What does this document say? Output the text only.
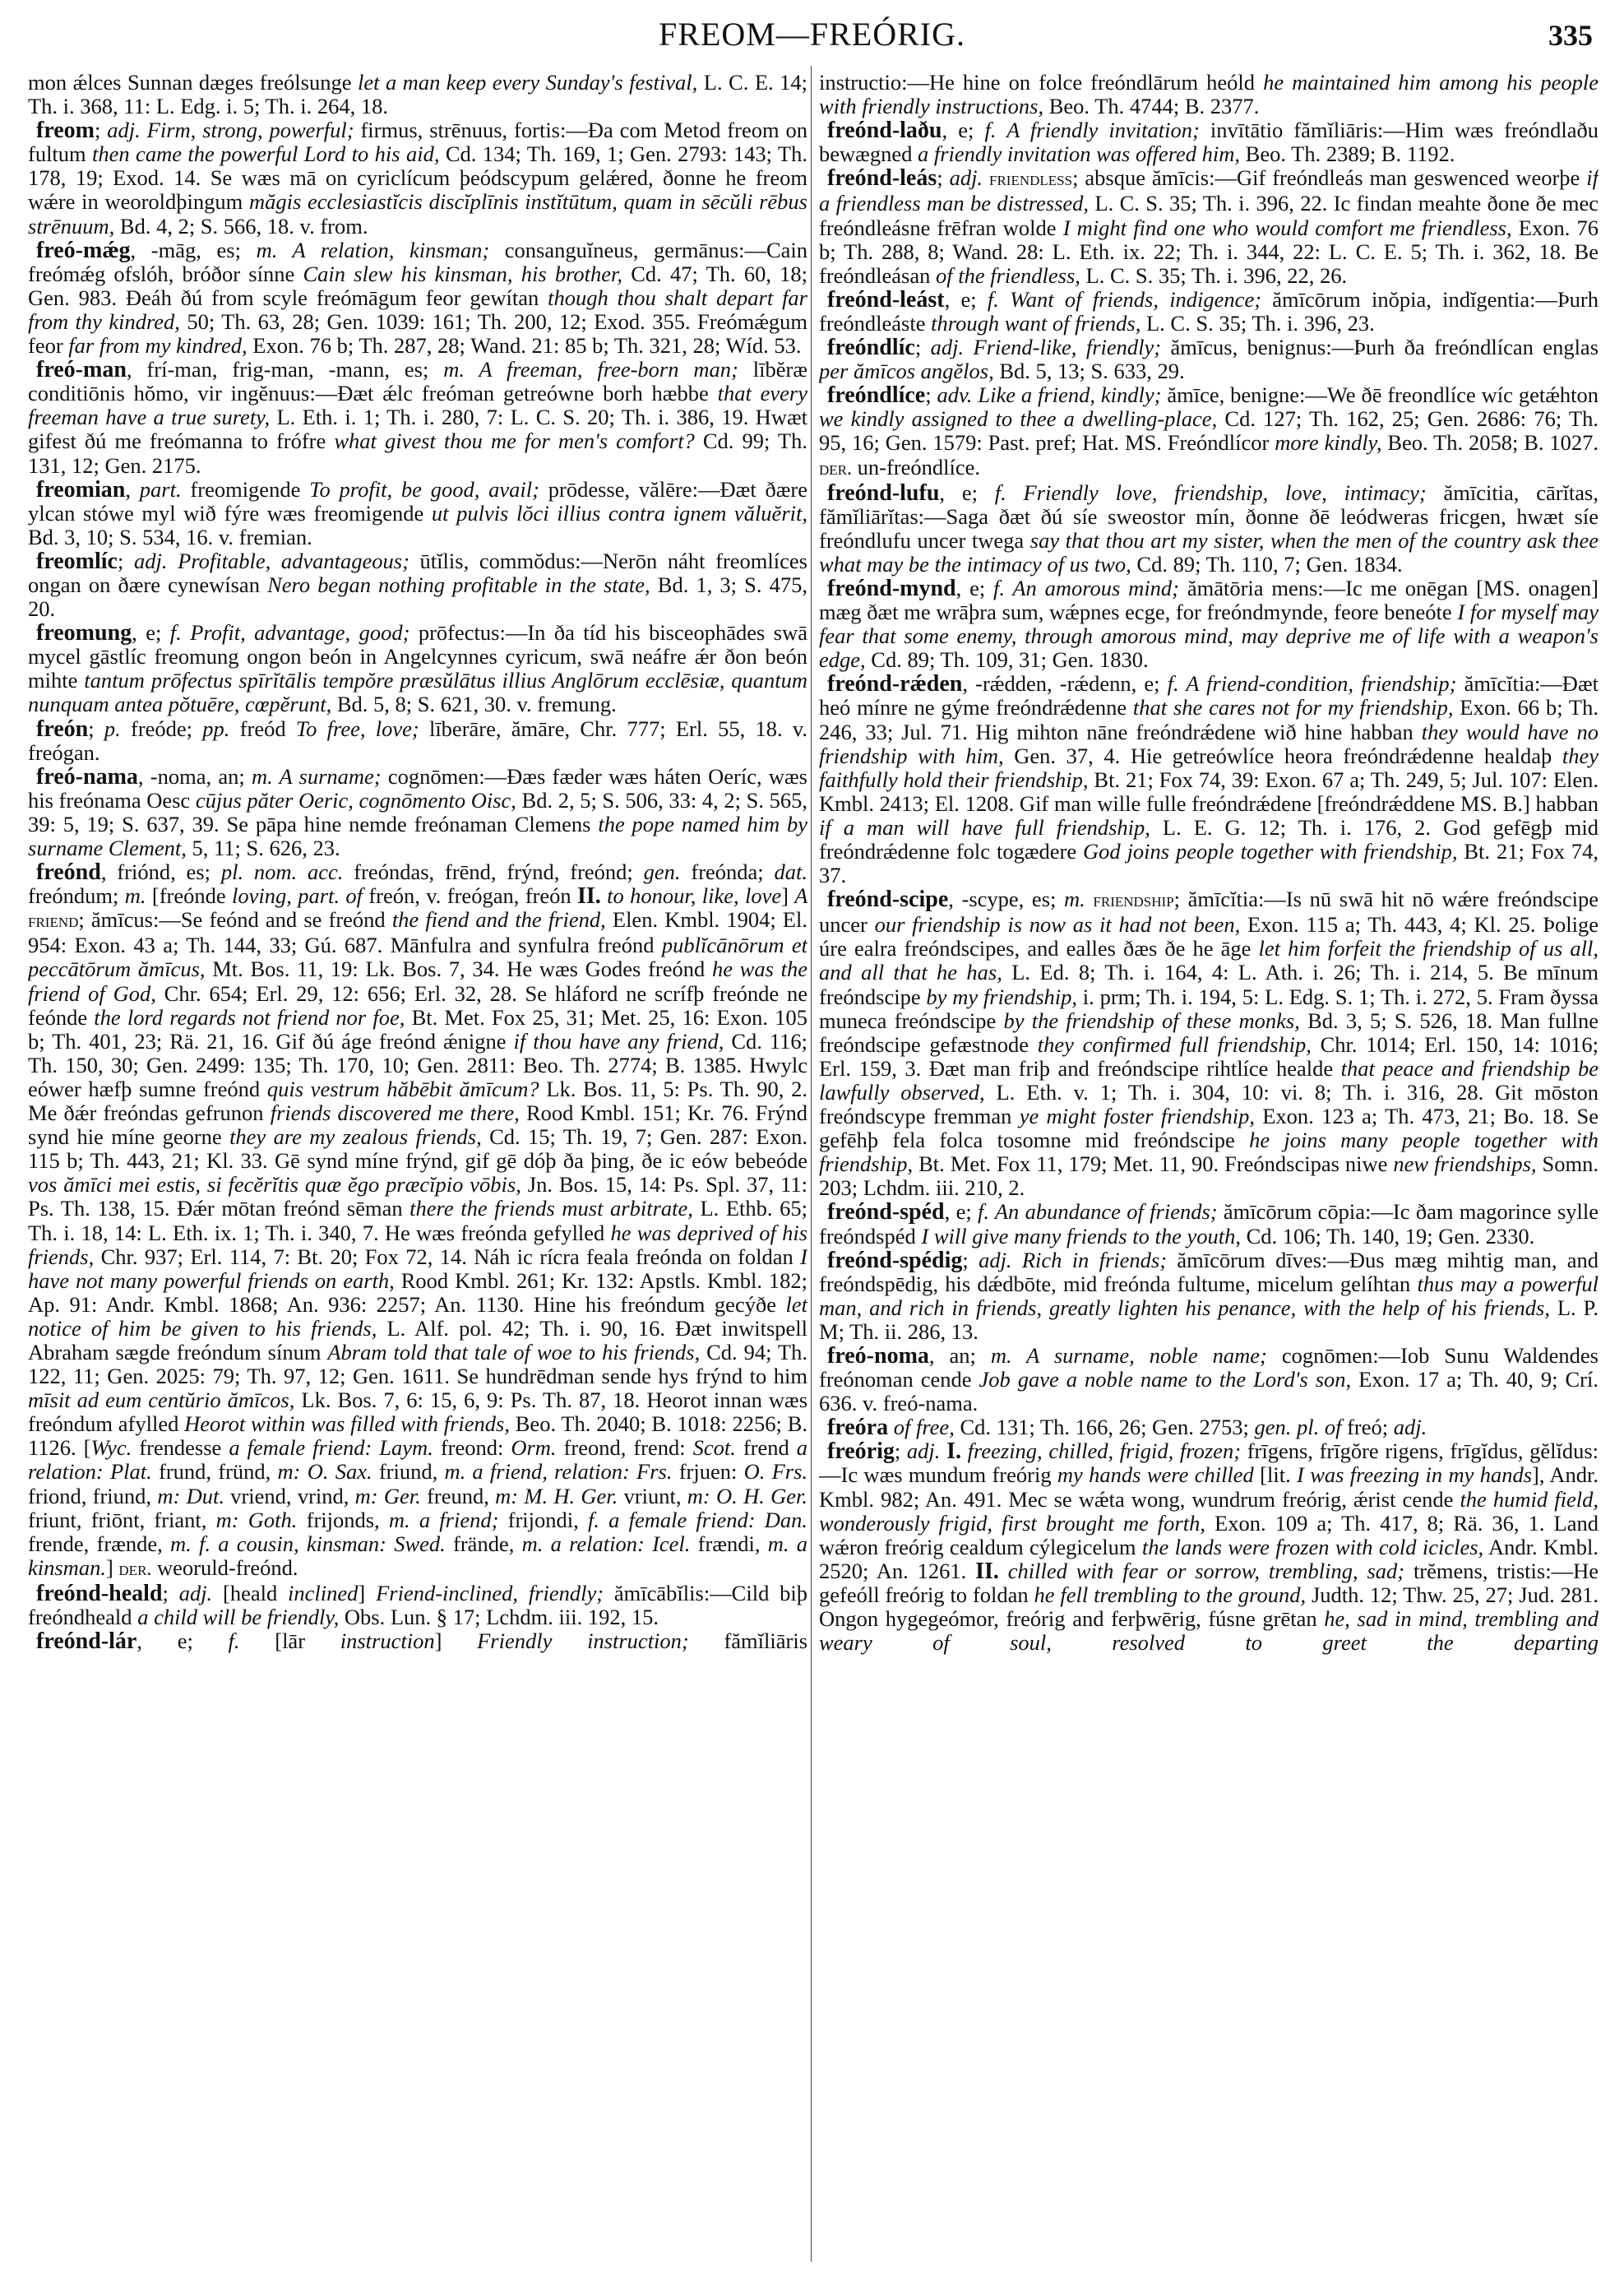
FREOM—FREÓRIG.	335

mon ǽlces Sunnan dæges freólsunge let a man keep every Sunday's festival, L. C. E. 14; Th. i. 368, 11: L. Edg. i. 5; Th. i. 264, 18.

freom; adj. Firm, strong, powerful; firmus, strēnuus, fortis:—Ða com Metod freom on fultum then came the powerful Lord to his aid, Cd. 134; Th. 169, 1; Gen. 2793: 143; Th. 178, 19; Exod. 14. Se wæs mā on cyriclícum þeódscypum gelǽred, ðonne he freom wǽre in weoroldþingum măgis ecclesiastĭcis discĭplīnis instĭtūtum, quam in sēcŭli rēbus strēnuum, Bd. 4, 2; S. 566, 18. v. from.

freó-mǽg, -māg, es; m. A relation, kinsman; consanguĭneus, germānus:—Cain freómǽg ofslóh, bróðor sínne Cain slew his kinsman, his brother, Cd. 47; Th. 60, 18; Gen. 983. Ðeáh ðú from scyle freómāgum feor gewítan though thou shalt depart far from thy kindred, 50; Th. 63, 28; Gen. 1039: 161; Th. 200, 12; Exod. 355. Freómǽgum feor far from my kindred, Exon. 76 b; Th. 287, 28; Wand. 21: 85 b; Th. 321, 28; Wíd. 53.

freó-man, frí-man, frig-man, -mann, es; m. A freeman, free-born man; lībĕræ conditiōnis hŏmo, vir ingĕnuus:—Ðæt ǽlc freóman getreówne borh hæbbe that every freeman have a true surety, L. Eth. i. 1; Th. i. 280, 7: L. C. S. 20; Th. i. 386, 19. Hwæt gifest ðú me freómanna to frófre what givest thou me for men's comfort? Cd. 99; Th. 131, 12; Gen. 2175.

freomian, part. freomigende To profit, be good, avail; prōdesse, vălēre:—Ðæt ðære ylcan stówe myl wið fýre wæs freomigende ut pulvis lŏci illius contra ignem văluĕrit, Bd. 3, 10; S. 534, 16. v. fremian.

freomlíc; adj. Profitable, advantageous; ūtĭlis, commŏdus:—Nerōn náht freomlíces ongan on ðære cynewísan Nero began nothing profitable in the state, Bd. 1, 3; S. 475, 20.

freomung, e; f. Profit, advantage, good; prōfectus:—In ða tíd his bisceophādes swā mycel gāstlíc freomung ongon beón in Angelcynnes cyricum, swā neáfre ǽr ðon beón mihte tantum prōfectus spīrĭtālis tempŏre præsŭlātus illius Anglōrum ecclēsiæ, quantum nunquam antea pŏtuēre, cœpĕrunt, Bd. 5, 8; S. 621, 30. v. fremung.

freón; p. freóde; pp. freód To free, love; līberāre, ămāre, Chr. 777; Erl. 55, 18. v. freógan.

freó-nama, -noma, an; m. A surname; cognōmen:—Ðæs fæder wæs háten Oeríc, wæs his freónama Oesc cūjus păter Oeric, cognōmento Oisc, Bd. 2, 5; S. 506, 33: 4, 2; S. 565, 39: 5, 19; S. 637, 39. Se pāpa hine nemde freónaman Clemens the pope named him by surname Clement, 5, 11; S. 626, 23.

freónd, friónd, es; pl. nom. acc. freóndas, frēnd, frýnd, freónd; gen. freónda; dat. freóndum; m. [freónde loving, part. of freón, v. freógan, freón II. to honour, like, love] A friend; ămīcus:—Se feónd and se freónd the fiend and the friend, Elen. Kmbl. 1904; El. 954: Exon. 43 a; Th. 144, 33; Gú. 687. Mānfulra and synfulra freónd publĭcānōrum et peccātōrum ămīcus, Mt. Bos. 11, 19: Lk. Bos. 7, 34. He wæs Godes freónd he was the friend of God, Chr. 654; Erl. 29, 12: 656; Erl. 32, 28. Se hláford ne scrífþ freónde ne feónde the lord regards not friend nor foe, Bt. Met. Fox 25, 31; Met. 25, 16: Exon. 105 b; Th. 401, 23; Rä. 21, 16. Gif ðú áge freónd ǽnigne if thou have any friend, Cd. 116; Th. 150, 30; Gen. 2499: 135; Th. 170, 10; Gen. 2811: Beo. Th. 2774; B. 1385. Hwylc eówer hæfþ sumne freónd quis vestrum hăbēbit ămīcum? Lk. Bos. 11, 5: Ps. Th. 90, 2. Me ðǽr freóndas gefrunon friends discovered me there, Rood Kmbl. 151; Kr. 76. Frýnd synd hie míne georne they are my zealous friends, Cd. 15; Th. 19, 7; Gen. 287: Exon. 115 b; Th. 443, 21; Kl. 33. Gē synd míne frýnd, gif gē dóþ ða þing, ðe ic eów bebeóde vos ămīci mei estis, si fecĕrĭtis quæ ĕgo præcĭpio vōbis, Jn. Bos. 15, 14: Ps. Spl. 37, 11: Ps. Th. 138, 15. Ðǽr mōtan freónd sēman there the friends must arbitrate, L. Ethb. 65; Th. i. 18, 14: L. Eth. ix. 1; Th. i. 340, 7. He wæs freónda gefylled he was deprived of his friends, Chr. 937; Erl. 114, 7: Bt. 20; Fox 72, 14. Náh ic rícra feala freónda on foldan I have not many powerful friends on earth, Rood Kmbl. 261; Kr. 132: Apstls. Kmbl. 182; Ap. 91: Andr. Kmbl. 1868; An. 936: 2257; An. 1130. Hine his freóndum gecýðe let notice of him be given to his friends, L. Alf. pol. 42; Th. i. 90, 16. Ðæt inwitspell Abraham sægde freóndum sínum Abram told that tale of woe to his friends, Cd. 94; Th. 122, 11; Gen. 2025: 79; Th. 97, 12; Gen. 1611. Se hundrēdman sende hys frýnd to him mīsit ad eum centŭrio ămīcos, Lk. Bos. 7, 6: 15, 6, 9: Ps. Th. 87, 18. Heorot innan wæs freóndum afylled Heorot within was filled with friends, Beo. Th. 2040; B. 1018: 2256; B. 1126. [Wyc. frendesse a female friend: Laym. freond: Orm. freond, frend: Scot. frend a relation: Plat. frund, fründ, m: O. Sax. friund, m. a friend, relation: Frs. frjuen: O. Frs. friond, friund, m: Dut. vriend, vrind, m: Ger. freund, m: M. H. Ger. vriunt, m: O. H. Ger. friunt, friōnt, friant, m: Goth. frijonds, m. a friend; frijondi, f. a female friend: Dan. frende, frænde, m. f. a cousin, kinsman: Swed. frände, m. a relation: Icel. frændi, m. a kinsman.] der. weoruld-freónd.

freónd-heald; adj. [heald inclined] Friend-inclined, friendly; ămīcābĭlis:—Cild biþ freóndheald a child will be friendly, Obs. Lun. § 17; Lchdm. iii. 192, 15.

freónd-lár, e; f. [lār instruction] Friendly instruction; fămĭliāris

instructio:—He hine on folce freóndlārum heóld he maintained him among his people with friendly instructions, Beo. Th. 4744; B. 2377.

freónd-laðu, e; f. A friendly invitation; invītātio fămĭliāris:—Him wæs freóndlaðu bewægned a friendly invitation was offered him, Beo. Th. 2389; B. 1192.

freónd-leás; adj. friendless; absque ămīcis:—Gif freóndleás man geswenced weorþe if a friendless man be distressed, L. C. S. 35; Th. i. 396, 22. Ic findan meahte ðone ðe mec freóndleásne frēfran wolde I might find one who would comfort me friendless, Exon. 76 b; Th. 288, 8; Wand. 28: L. Eth. ix. 22; Th. i. 344, 22: L. C. E. 5; Th. i. 362, 18. Be freóndleásan of the friendless, L. C. S. 35; Th. i. 396, 22, 26.

freónd-leást, e; f. Want of friends, indigence; ămīcōrum inŏpia, indĭgentia:—Þurh freóndleáste through want of friends, L. C. S. 35; Th. i. 396, 23.

freóndlíc; adj. Friend-like, friendly; ămīcus, benignus:—Þurh ða freóndlícan englas per ămīcos angĕlos, Bd. 5, 13; S. 633, 29.

freóndlíce; adv. Like a friend, kindly; ămīce, benigne:—We ðē freondlíce wíc getǽhton we kindly assigned to thee a dwelling-place, Cd. 127; Th. 162, 25; Gen. 2686: 76; Th. 95, 16; Gen. 1579: Past. pref; Hat. MS. Freóndlícor more kindly, Beo. Th. 2058; B. 1027. der. un-freóndlíce.

freónd-lufu, e; f. Friendly love, friendship, love, intimacy; ămīcitia, cārĭtas, fămĭliārĭtas:—Saga ðæt ðú síe sweostor mín, ðonne ðē leódweras fricgen, hwæt síe freóndlufu uncer twega say that thou art my sister, when the men of the country ask thee what may be the intimacy of us two, Cd. 89; Th. 110, 7; Gen. 1834.

freónd-mynd, e; f. An amorous mind; ămātōria mens:—Ic me onēgan [MS. onagen] mæg ðæt me wrāþra sum, wǽpnes ecge, for freóndmynde, feore beneóte I for myself may fear that some enemy, through amorous mind, may deprive me of life with a weapon's edge, Cd. 89; Th. 109, 31; Gen. 1830.

freónd-rǽden, -rǽdden, -rǽdenn, e; f. A friend-condition, friendship; ămīcĭtia:—Ðæt heó mínre ne gýme freóndrǽdenne that she cares not for my friendship, Exon. 66 b; Th. 246, 33; Jul. 71. Hig mihton nāne freóndrǽdene wið hine habban they would have no friendship with him, Gen. 37, 4. Hie getreówlíce heora freóndrǽdenne healdaþ they faithfully hold their friendship, Bt. 21; Fox 74, 39: Exon. 67 a; Th. 249, 5; Jul. 107: Elen. Kmbl. 2413; El. 1208. Gif man wille fulle freóndrǽdene [freóndrǽddene MS. B.] habban if a man will have full friendship, L. E. G. 12; Th. i. 176, 2. God gefēgþ mid freóndrǽdenne folc togædere God joins people together with friendship, Bt. 21; Fox 74, 37.

freónd-scipe, -scype, es; m. friendship; ămīcĭtia:—Is nū swā hit nō wǽre freóndscipe uncer our friendship is now as it had not been, Exon. 115 a; Th. 443, 4; Kl. 25. Þolige úre ealra freóndscipes, and ealles ðæs ðe he āge let him forfeit the friendship of us all, and all that he has, L. Ed. 8; Th. i. 164, 4: L. Ath. i. 26; Th. i. 214, 5. Be mīnum freóndscipe by my friendship, i. prm; Th. i. 194, 5: L. Edg. S. 1; Th. i. 272, 5. Fram ðyssa muneca freóndscipe by the friendship of these monks, Bd. 3, 5; S. 526, 18. Man fullne freóndscipe gefæstnode they confirmed full friendship, Chr. 1014; Erl. 150, 14: 1016; Erl. 159, 3. Ðæt man friþ and freóndscipe rihtlíce healde that peace and friendship be lawfully observed, L. Eth. v. 1; Th. i. 304, 10: vi. 8; Th. i. 316, 28. Git mōston freóndscype fremman ye might foster friendship, Exon. 123 a; Th. 473, 21; Bo. 18. Se gefēhþ fela folca tosomne mid freóndscipe he joins many people together with friendship, Bt. Met. Fox 11, 179; Met. 11, 90. Freóndscipas niwe new friendships, Somn. 203; Lchdm. iii. 210, 2.

freónd-spéd, e; f. An abundance of friends; ămīcōrum cōpia:—Ic ðam magorince sylle freóndspéd I will give many friends to the youth, Cd. 106; Th. 140, 19; Gen. 2330.

freónd-spédig; adj. Rich in friends; ămīcōrum dīves:—Ðus mæg mihtig man, and freóndspēdig, his dǽdbōte, mid freónda fultume, micelum gelíhtan thus may a powerful man, and rich in friends, greatly lighten his penance, with the help of his friends, L. P. M; Th. ii. 286, 13.

freó-noma, an; m. A surname, noble name; cognōmen:—Iob Sunu Waldendes freónoman cende Job gave a noble name to the Lord's son, Exon. 17 a; Th. 40, 9; Crí. 636. v. freó-nama.

freóra of free, Cd. 131; Th. 166, 26; Gen. 2753; gen. pl. of freó; adj.

freórig; adj. I. freezing, chilled, frigid, frozen; frīgens, frīgŏre rigens, frīgĭdus, gĕlĭdus:—Ic wæs mundum freórig my hands were chilled [lit. I was freezing in my hands], Andr. Kmbl. 982; An. 491. Mec se wǽta wong, wundrum freórig, ǽrist cende the humid field, wonderously frigid, first brought me forth, Exon. 109 a; Th. 417, 8; Rä. 36, 1. Land wǽron freórig cealdum cýlegicelum the lands were frozen with cold icicles, Andr. Kmbl. 2520; An. 1261. II. chilled with fear or sorrow, trembling, sad; trĕmens, tristis:—He gefeóll freórig to foldan he fell trembling to the ground, Judth. 12; Thw. 25, 27; Jud. 281. Ongon hygegeómor, freórig and ferþwērig, fúsne grētan he, sad in mind, trembling and weary of soul, resolved to greet the departing
